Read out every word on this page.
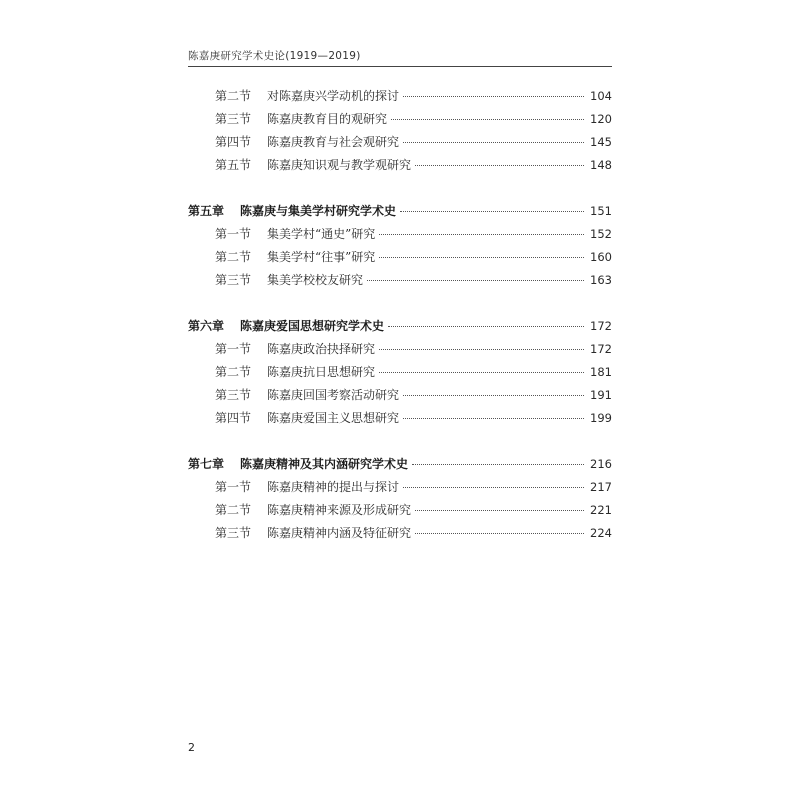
陈嘉庚研究学术史论(1919—2019)
第二节	对陈嘉庚兴学动机的探讨	104
第三节	陈嘉庚教育目的观研究	120
第四节	陈嘉庚教育与社会观研究	145
第五节	陈嘉庚知识观与教学观研究	148
第五章	陈嘉庚与集美学村研究学术史	151
第一节	集美学村“通史”研究	152
第二节	集美学村“往事”研究	160
第三节	集美学校校友研究	163
第六章	陈嘉庚爱国思想研究学术史	172
第一节	陈嘉庚政治抉择研究	172
第二节	陈嘉庚抗日思想研究	181
第三节	陈嘉庚回国考察活动研究	191
第四节	陈嘉庚爱国主义思想研究	199
第七章	陈嘉庚精神及其内涵研究学术史	216
第一节	陈嘉庚精神的提出与探讨	217
第二节	陈嘉庚精神来源及形成研究	221
第三节	陈嘉庚精神内涵及特征研究	224
2
